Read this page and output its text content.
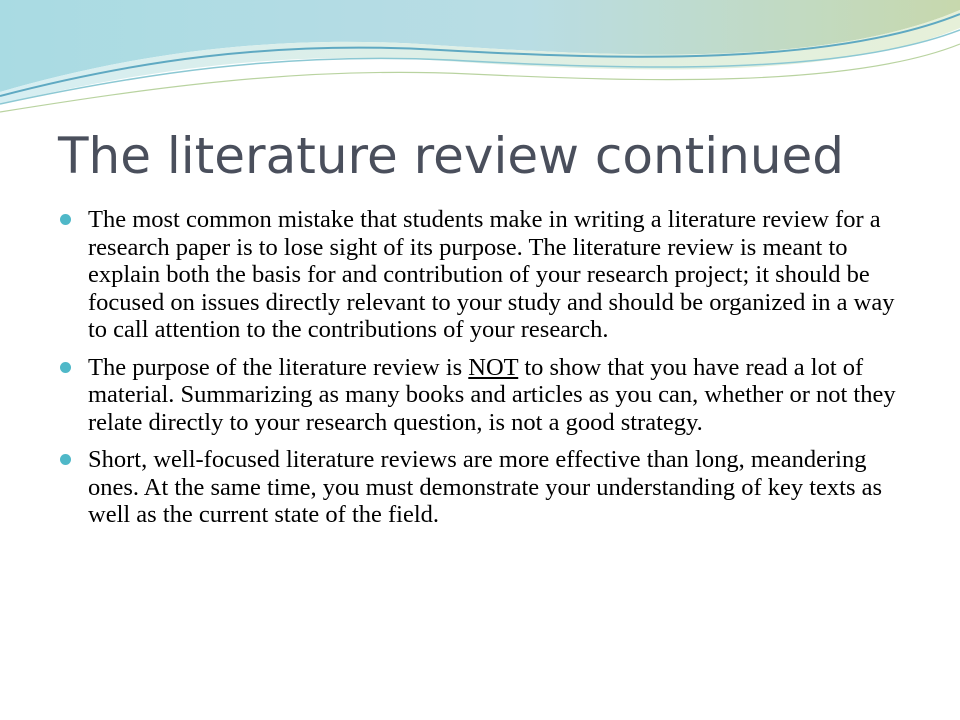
The literature review continued
The most common mistake that students make in writing a literature review for a research paper is to lose sight of its purpose. The literature review is meant to explain both the basis for and contribution of your research project; it should be focused on issues directly relevant to your study and should be organized in a way to call attention to the contributions of your research.
The purpose of the literature review is NOT to show that you have read a lot of material. Summarizing as many books and articles as you can, whether or not they relate directly to your research question, is not a good strategy.
Short, well-focused literature reviews are more effective than long, meandering ones. At the same time, you must demonstrate your understanding of key texts as well as the current state of the field.
